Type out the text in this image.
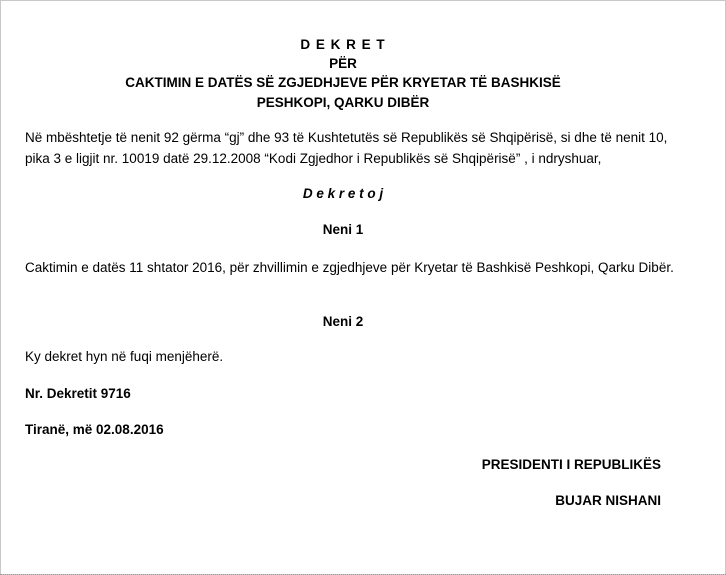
D E K R E T
PËR
CAKTIMIN E DATËS SË ZGJEDHJEVE PËR KRYETAR TË BASHKISË
PESHKOPI, QARKU DIBËR
Në mbështetje të nenit 92 gërma “gj” dhe 93 të Kushtetutës së Republikës së Shqipërisë, si dhe të nenit 10, pika 3 e ligjit nr. 10019 datë 29.12.2008 “Kodi Zgjedhor i Republikës së Shqipërisë” , i ndryshuar,
D e k r e t o j
Neni 1
Caktimin e datës 11 shtator 2016, për zhvillimin e zgjedhjeve për Kryetar të Bashkisë Peshkopi, Qarku Dibër.
Neni 2
Ky dekret hyn në fuqi menjëherë.
Nr. Dekretit 9716
Tiranë, më 02.08.2016
PRESIDENTI I REPUBLIKËS
BUJAR NISHANI
